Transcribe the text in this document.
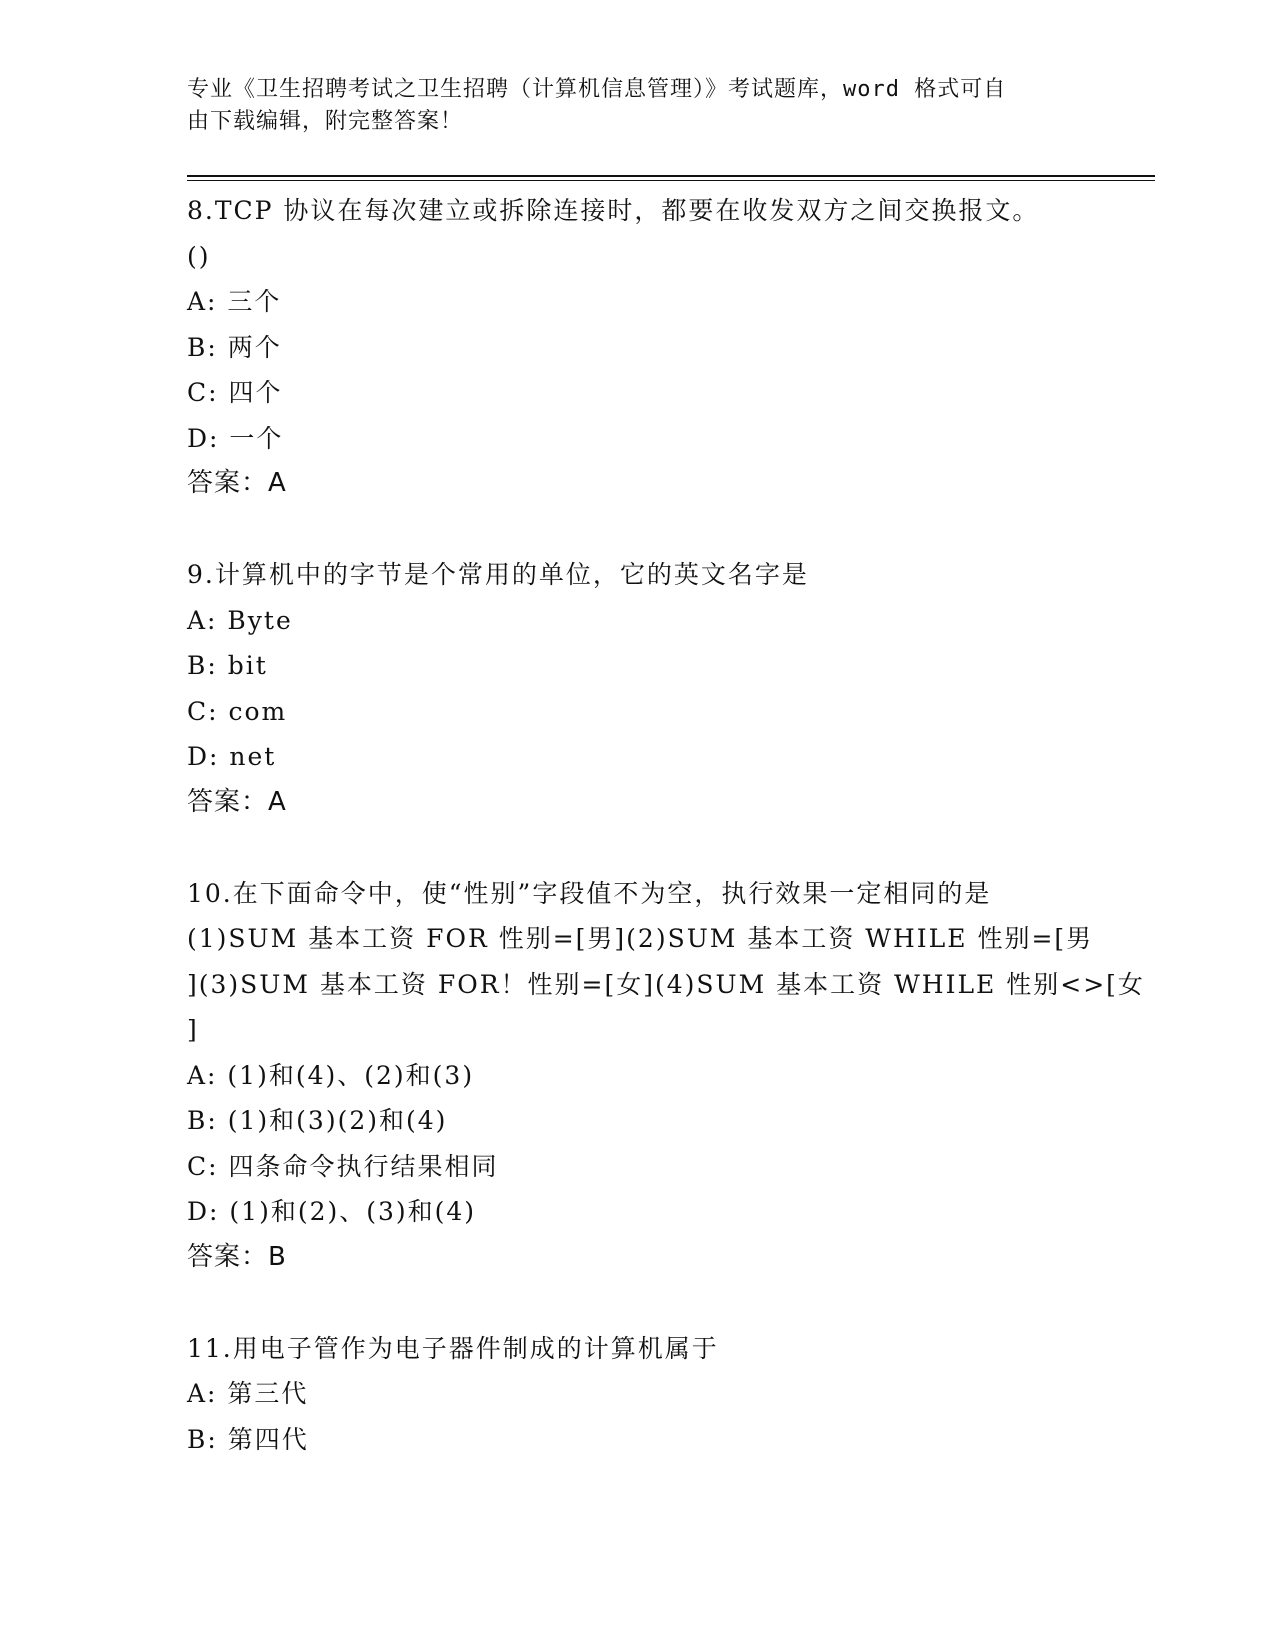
专业《卫生招聘考试之卫生招聘（计算机信息管理）》考试题库，word 格式可自
由下载编辑，附完整答案！
8.TCP 协议在每次建立或拆除连接时，都要在收发双方之间交换报文。
()
A: 三个
B: 两个
C: 四个
D: 一个
答案：A
9.计算机中的字节是个常用的单位，它的英文名字是
A: Byte
B: bit
C: com
D: net
答案：A
10.在下面命令中，使“性别”字段值不为空，执行效果一定相同的是
(1)SUM 基本工资 FOR 性别=[男](2)SUM 基本工资 WHILE 性别=[男
](3)SUM 基本工资 FOR！性别=[女](4)SUM 基本工资 WHILE 性别<>[女
]
A: (1)和(4)、(2)和(3)
B: (1)和(3)(2)和(4)
C: 四条命令执行结果相同
D: (1)和(2)、(3)和(4)
答案：B
11.用电子管作为电子器件制成的计算机属于
A: 第三代
B: 第四代
